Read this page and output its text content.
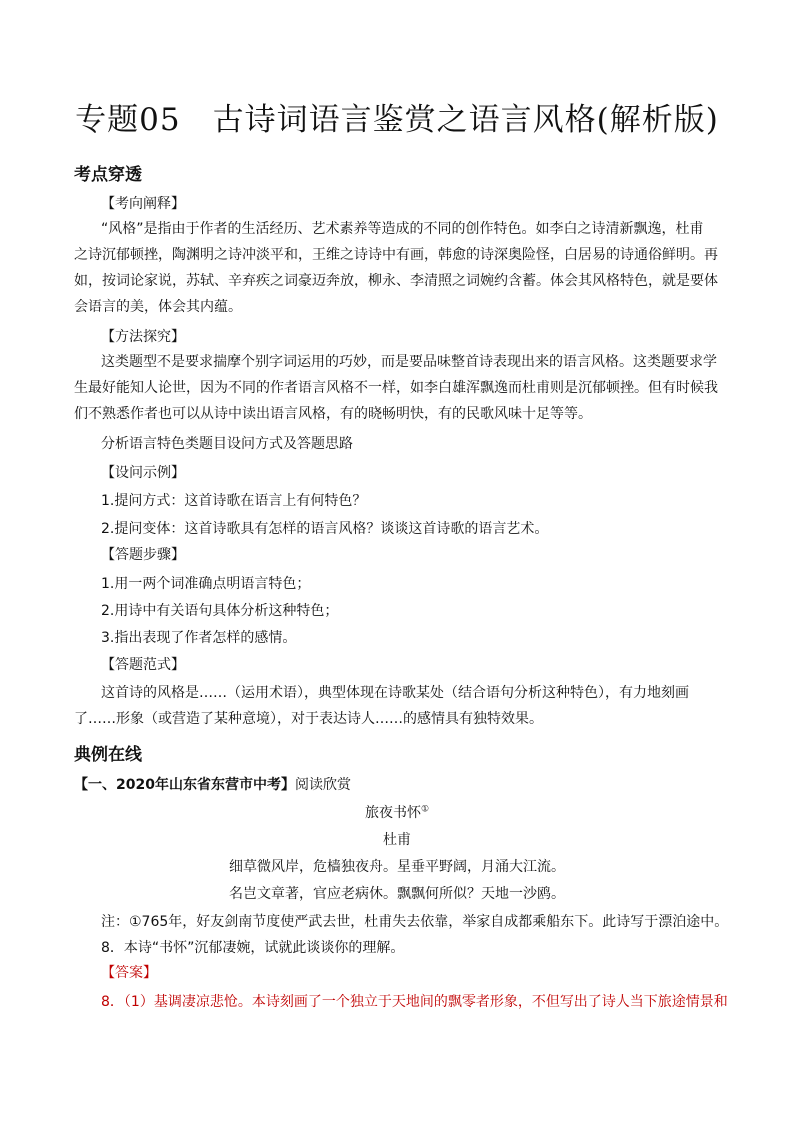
专题05　古诗词语言鉴赏之语言风格(解析版)
考点穿透
【考向阐释】
“风格”是指由于作者的生活经历、艺术素养等造成的不同的创作特色。如李白之诗清新飘逸，杜甫
之诗沉郁顿挫，陶渊明之诗冲淡平和，王维之诗诗中有画，韩愈的诗深奥险怪，白居易的诗通俗鲜明。再
如，按词论家说，苏轼、辛弃疾之词豪迈奔放，柳永、李清照之词婉约含蓄。体会其风格特色，就是要体
会语言的美，体会其内蕴。
【方法探究】
这类题型不是要求揣摩个别字词运用的巧妙，而是要品味整首诗表现出来的语言风格。这类题要求学
生最好能知人论世，因为不同的作者语言风格不一样，如李白雄浑飘逸而杜甫则是沉郁顿挫。但有时候我
们不熟悉作者也可以从诗中读出语言风格，有的晓畅明快，有的民歌风味十足等等。
分析语言特色类题目设问方式及答题思路
【设问示例】
1.提问方式：这首诗歌在语言上有何特色？
2.提问变体：这首诗歌具有怎样的语言风格？谈谈这首诗歌的语言艺术。
【答题步骤】
1.用一两个词准确点明语言特色；
2.用诗中有关语句具体分析这种特色；
3.指出表现了作者怎样的感情。
【答题范式】
这首诗的风格是……（运用术语），典型体现在诗歌某处（结合语句分析这种特色），有力地刻画
了……形象（或营造了某种意境），对于表达诗人……的感情具有独特效果。
典例在线
【一、2020年山东省东营市中考】阅读欣赏
旅夜书怀①
杜甫
细草微风岸，危樯独夜舟。星垂平野阔，月涌大江流。
名岂文章著，官应老病休。飘飘何所似？天地一沙鸥。
注：①765年，好友剑南节度使严武去世，杜甫失去依靠，举家自成都乘船东下。此诗写于漂泊途中。
8．本诗“书怀”沉郁凄婉，试就此谈谈你的理解。
【答案】
8．（1）基调凄凉悲怆。本诗刻画了一个独立于天地间的飘零者形象，不但写出了诗人当下旅途情景和
